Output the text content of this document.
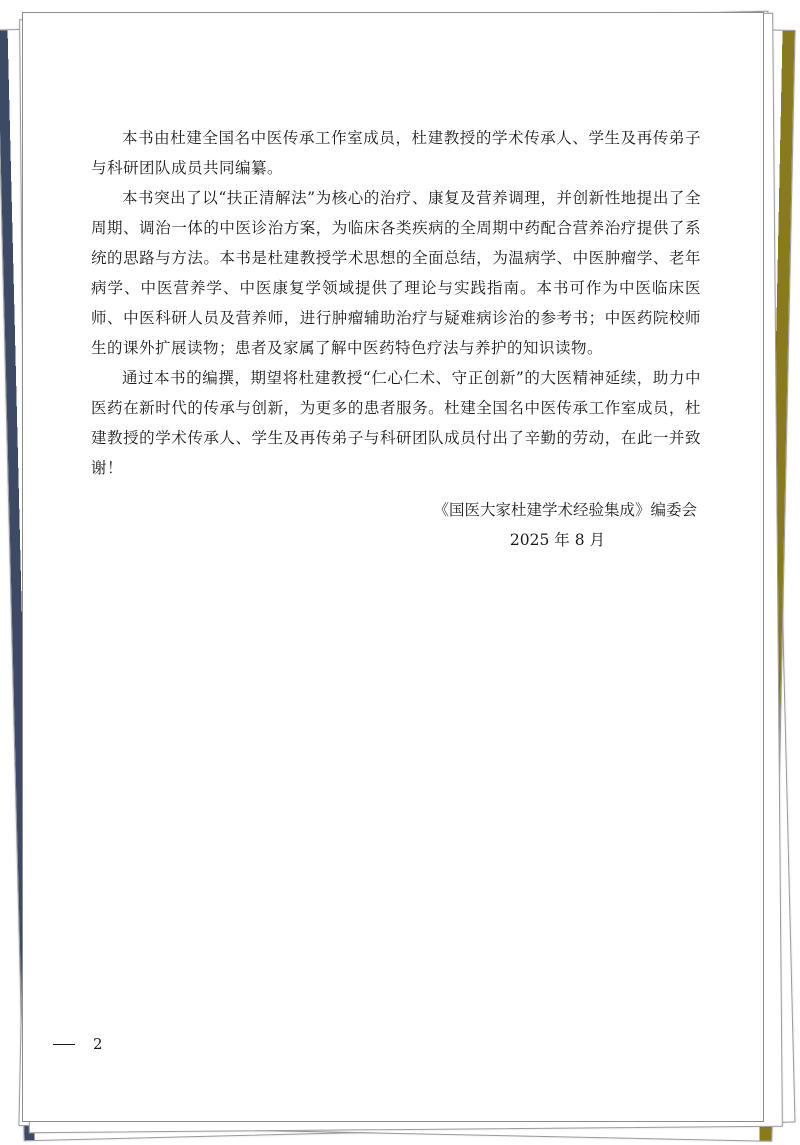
本书由杜建全国名中医传承工作室成员，杜建教授的学术传承人、学生及再传弟子与科研团队成员共同编纂。

本书突出了以“扶正清解法”为核心的治疗、康复及营养调理，并创新性地提出了全周期、调治一体的中医诊治方案，为临床各类疾病的全周期中药配合营养治疗提供了系统的思路与方法。本书是杜建教授学术思想的全面总结，为温病学、中医肿瘤学、老年病学、中医营养学、中医康复学领域提供了理论与实践指南。本书可作为中医临床医师、中医科研人员及营养师，进行肿瘤辅助治疗与疑难病诊治的参考书；中医药院校师生的课外扩展读物；患者及家属了解中医药特色疗法与养护的知识读物。

通过本书的编撰，期望将杜建教授“仁心仁术、守正创新”的大医精神延续，助力中医药在新时代的传承与创新，为更多的患者服务。杜建全国名中医传承工作室成员，杜建教授的学术传承人、学生及再传弟子与科研团队成员付出了辛勤的劳动，在此一并致谢！

《国医大家杜建学术经验集成》编委会
2025 年 8 月
2
